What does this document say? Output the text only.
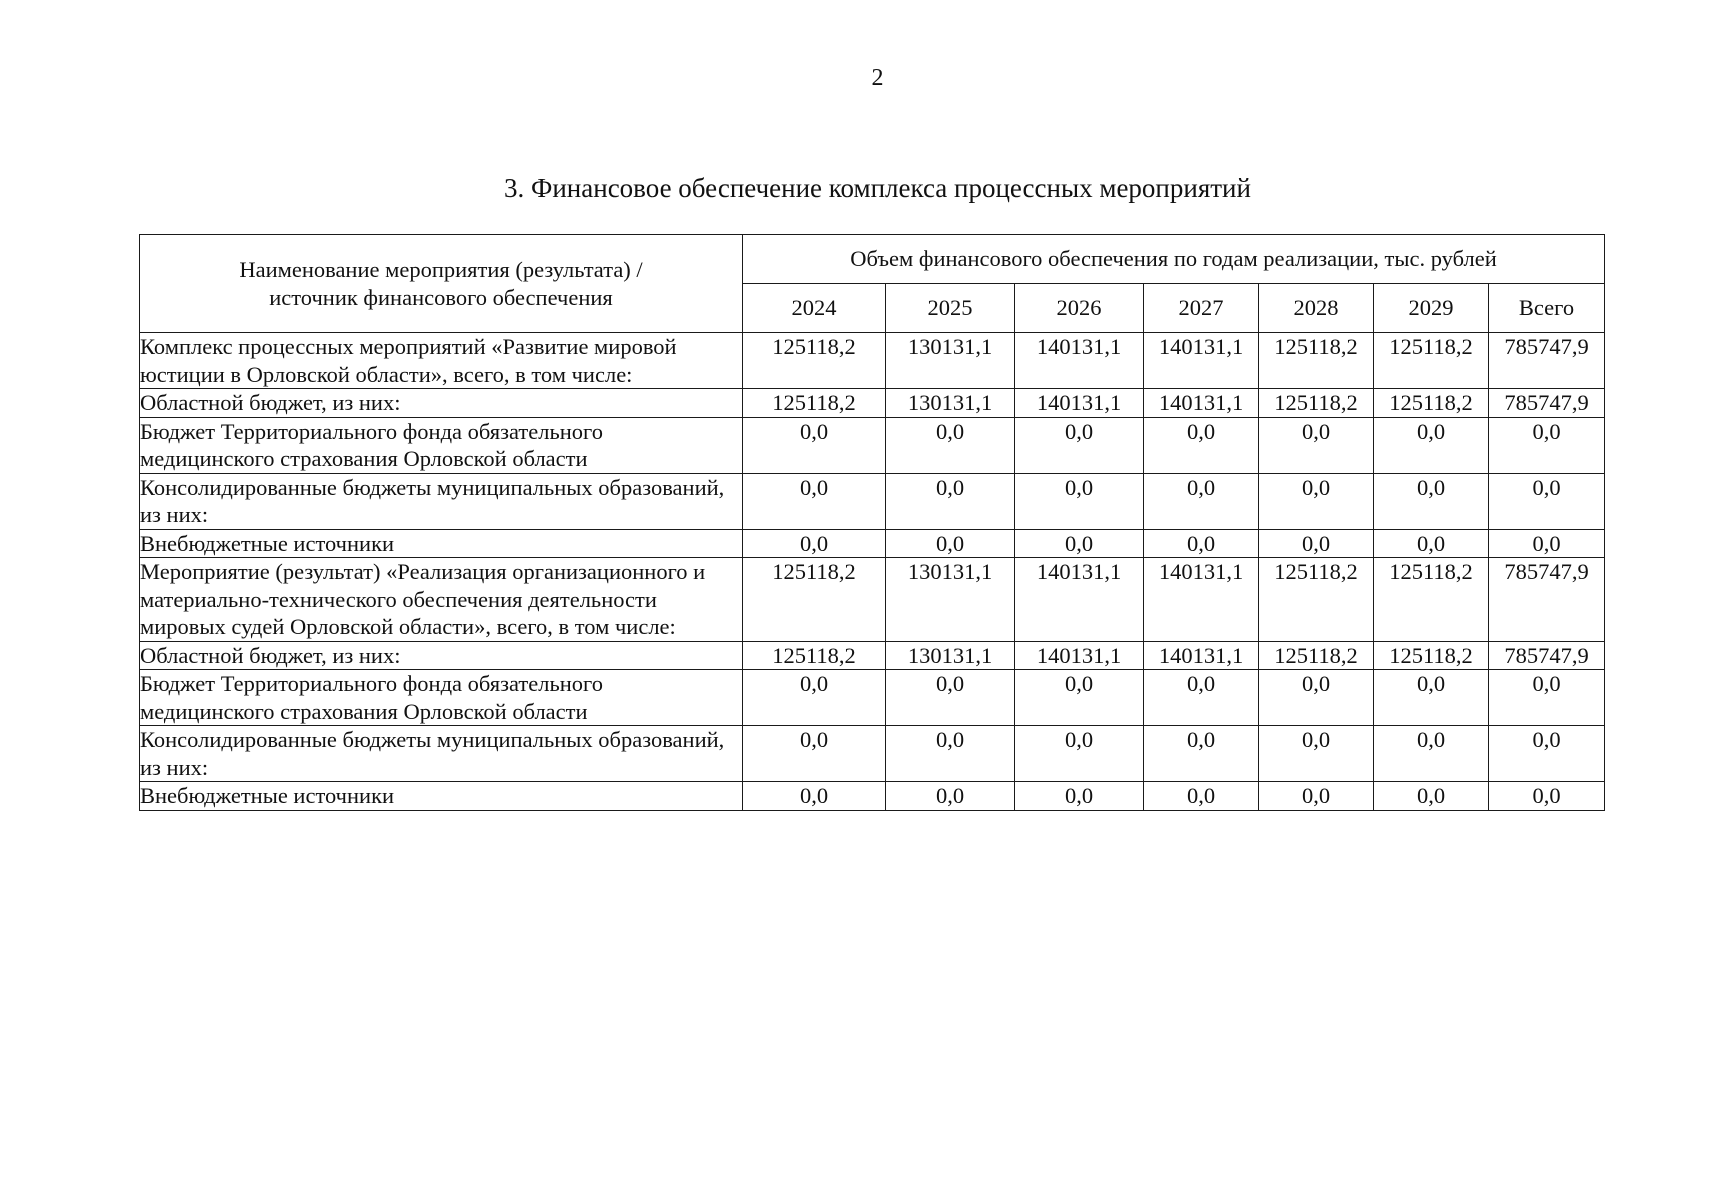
2
3. Финансовое обеспечение комплекса процессных мероприятий
Наименование мероприятия (результата) /
источник финансового обеспечения	Объем финансового обеспечения по годам реализации, тыс. рублей						
	2024	2025	2026	2027	2028	2029	Всего
Комплекс процессных мероприятий «Развитие мировой юстиции в Орловской области», всего, в том числе:	125118,2	130131,1	140131,1	140131,1	125118,2	125118,2	785747,9
Областной бюджет, из них:	125118,2	130131,1	140131,1	140131,1	125118,2	125118,2	785747,9
Бюджет Территориального фонда обязательного медицинского страхования Орловской области	0,0	0,0	0,0	0,0	0,0	0,0	0,0
Консолидированные бюджеты муниципальных образований, из них:	0,0	0,0	0,0	0,0	0,0	0,0	0,0
Внебюджетные источники	0,0	0,0	0,0	0,0	0,0	0,0	0,0
Мероприятие (результат) «Реализация организационного и материально-технического обеспечения деятельности мировых судей Орловской области», всего, в том числе:	125118,2	130131,1	140131,1	140131,1	125118,2	125118,2	785747,9
Областной бюджет, из них:	125118,2	130131,1	140131,1	140131,1	125118,2	125118,2	785747,9
Бюджет Территориального фонда обязательного медицинского страхования Орловской области	0,0	0,0	0,0	0,0	0,0	0,0	0,0
Консолидированные бюджеты муниципальных образований, из них:	0,0	0,0	0,0	0,0	0,0	0,0	0,0
Внебюджетные источники	0,0	0,0	0,0	0,0	0,0	0,0	0,0
